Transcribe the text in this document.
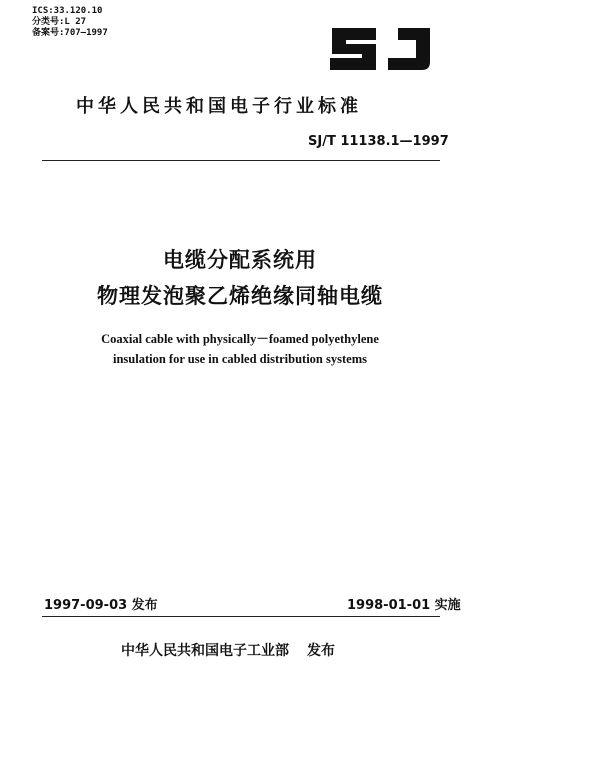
ICS:33.120.10
分类号:L 27
备案号:707—1997
中华人民共和国电子行业标准
SJ/T 11138.1—1997
电缆分配系统用
物理发泡聚乙烯绝缘同轴电缆
Coaxial cable with physically－foamed polyethylene
insulation for use in cabled distribution systems
1997-09-03 发布	1998-01-01 实施
中华人民共和国电子工业部 发布
